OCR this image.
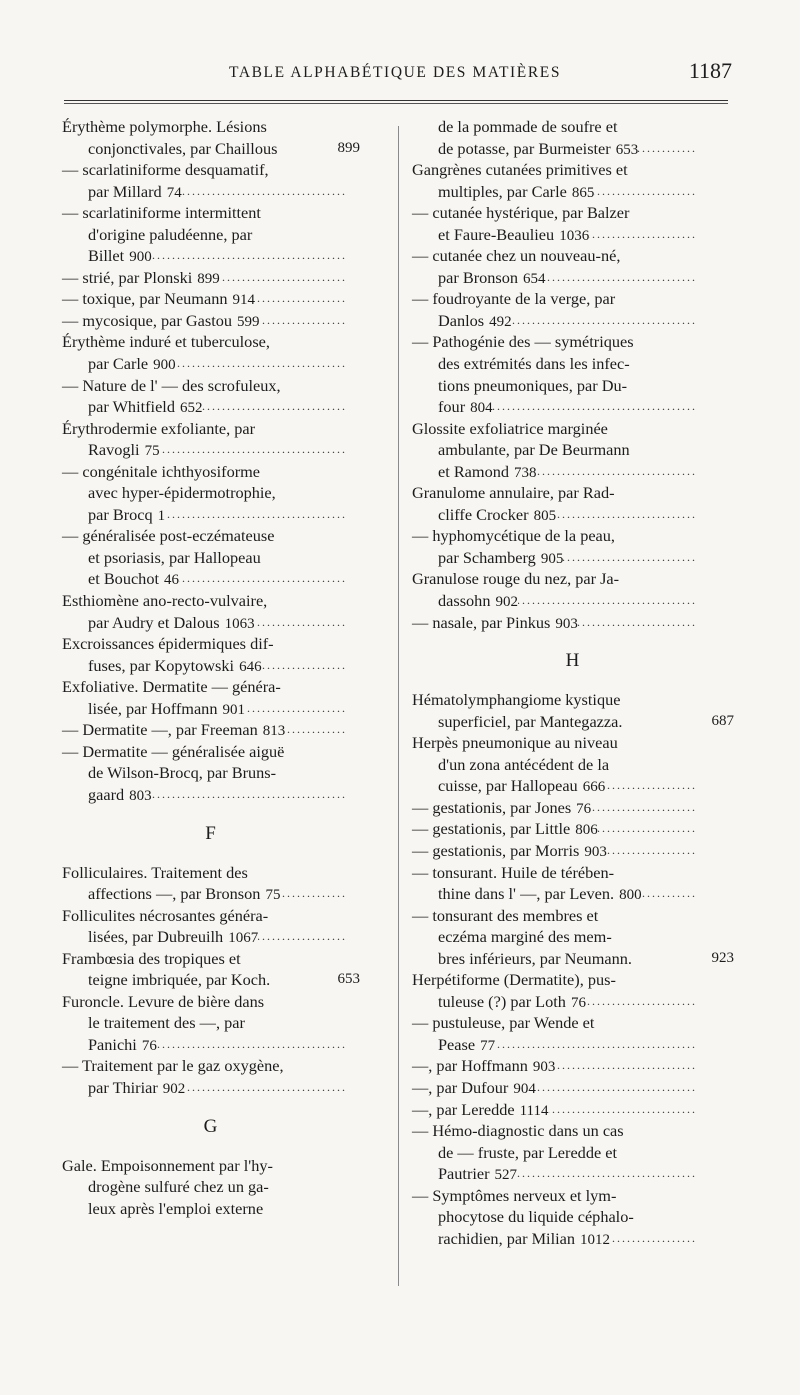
TABLE ALPHABÉTIQUE DES MATIÈRES	1187
Érythème polymorphe. Lésions
conjonctivales, par Chaillous	899
— scarlatiniforme desquamatif,
par Millard 74 . . .
— scarlatiniforme intermittent
d'origine paludéenne, par
Billet 900 . . .
— strié, par Plonski 899 . . .
— toxique, par Neumann 914 . . .
— mycosique, par Gastou 599 . . .
Érythème induré et tuberculose,
par Carle 900 . . .
— Nature de l' — des scrofuleux,
par Whitfield 652 . . .
Érythrodermie exfoliante, par
Ravogli 75 . . .
— congénitale ichthyosiforme
avec hyper-épidermotrophie,
par Brocq 1 . . .
— généralisée post-eczémateuse
et psoriasis, par Hallopeau
et Bouchot 46 . . .
Esthiomène ano-recto-vulvaire,
par Audry et Dalous 1063 . . .
Excroissances épidermiques dif-
fuses, par Kopytowski 646 . . .
Exfoliative. Dermatite — généra-
lisée, par Hoffmann 901 . . .
— Dermatite —, par Freeman 813 . . .
— Dermatite — généralisée aiguë
de Wilson-Brocq, par Bruns-
gaard 803 . . .
F
Folliculaires. Traitement des
affections —, par Bronson 75 . . .
Folliculites nécrosantes généra-
lisées, par Dubreuilh 1067 . . .
Frambœsia des tropiques et
teigne imbriquée, par Koch.	653
Furoncle. Levure de bière dans
le traitement des —, par
Panichi 76 . . .
— Traitement par le gaz oxygène,
par Thiriar 902 . . .
G
Gale. Empoisonnement par l'hy-
drogène sulfuré chez un ga-
leux après l'emploi externe
de la pommade de soufre et
de potasse, par Burmeister 653 . . .
Gangrènes cutanées primitives et
multiples, par Carle 865 . . .
— cutanée hystérique, par Balzer
et Faure-Beaulieu 1036 . . .
— cutanée chez un nouveau-né,
par Bronson 654 . . .
— foudroyante de la verge, par
Danlos 492 . . .
— Pathogénie des — symétriques
des extrémités dans les infec-
tions pneumoniques, par Du-
four 804 . . .
Glossite exfoliatrice marginée
ambulante, par De Beurmann
et Ramond 738 . . .
Granulome annulaire, par Rad-
cliffe Crocker 805 . . .
— hyphomycétique de la peau,
par Schamberg 905 . . .
Granulose rouge du nez, par Ja-
dassohn 902 . . .
— nasale, par Pinkus 903 . . .
H
Hématolymphangiome kystique
superficiel, par Mantegazza.	687
Herpès pneumonique au niveau
d'un zona antécédent de la
cuisse, par Hallopeau 666 . . .
— gestationis, par Jones 76 . . .
— gestationis, par Little 806 . . .
— gestationis, par Morris 903 . . .
— tonsurant. Huile de térében-
thine dans l' —, par Leven. 800 . . .
— tonsurant des membres et
eczéma marginé des mem-
bres inférieurs, par Neumann.	923
Herpétiforme (Dermatite), pus-
tuleuse (?) par Loth 76 . . .
— pustuleuse, par Wende et
Pease 77 . . .
—, par Hoffmann 903 . . .
—, par Dufour 904 . . .
—, par Leredde 1114 . . .
— Hémo-diagnostic dans un cas
de — fruste, par Leredde et
Pautrier 527 . . .
— Symptômes nerveux et lym-
phocytose du liquide céphalo-
rachidien, par Milian 1012 . . .
